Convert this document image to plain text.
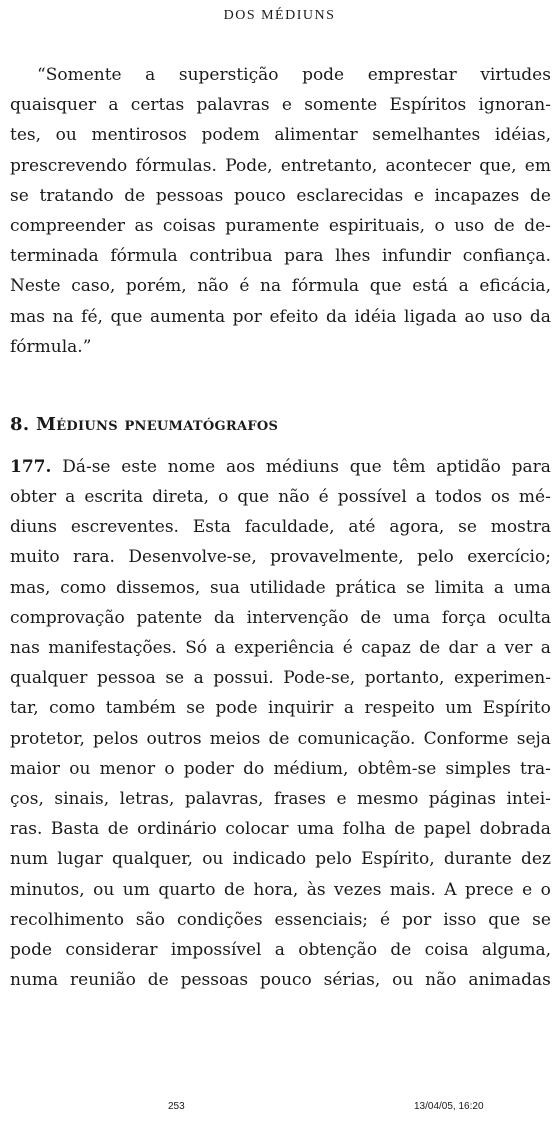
DOS MÉDIUNS
“Somente a superstição pode emprestar virtudes
quaisquer a certas palavras e somente Espíritos ignoran-
tes, ou mentirosos podem alimentar semelhantes idéias,
prescrevendo fórmulas. Pode, entretanto, acontecer que, em
se tratando de pessoas pouco esclarecidas e incapazes de
compreender as coisas puramente espirituais, o uso de de-
terminada fórmula contribua para lhes infundir confiança.
Neste caso, porém, não é na fórmula que está a eficácia,
mas na fé, que aumenta por efeito da idéia ligada ao uso da
fórmula.”
8. Médiuns pneumatógrafos
177. Dá-se este nome aos médiuns que têm aptidão para
obter a escrita direta, o que não é possível a todos os mé-
diuns escreventes. Esta faculdade, até agora, se mostra
muito rara. Desenvolve-se, provavelmente, pelo exercício;
mas, como dissemos, sua utilidade prática se limita a uma
comprovação patente da intervenção de uma força oculta
nas manifestações. Só a experiência é capaz de dar a ver a
qualquer pessoa se a possui. Pode-se, portanto, experimen-
tar, como também se pode inquirir a respeito um Espírito
protetor, pelos outros meios de comunicação. Conforme seja
maior ou menor o poder do médium, obtêm-se simples tra-
ços, sinais, letras, palavras, frases e mesmo páginas intei-
ras. Basta de ordinário colocar uma folha de papel dobrada
num lugar qualquer, ou indicado pelo Espírito, durante dez
minutos, ou um quarto de hora, às vezes mais. A prece e o
recolhimento são condições essenciais; é por isso que se
pode considerar impossível a obtenção de coisa alguma,
numa reunião de pessoas pouco sérias, ou não animadas
253	13/04/05, 16:20
